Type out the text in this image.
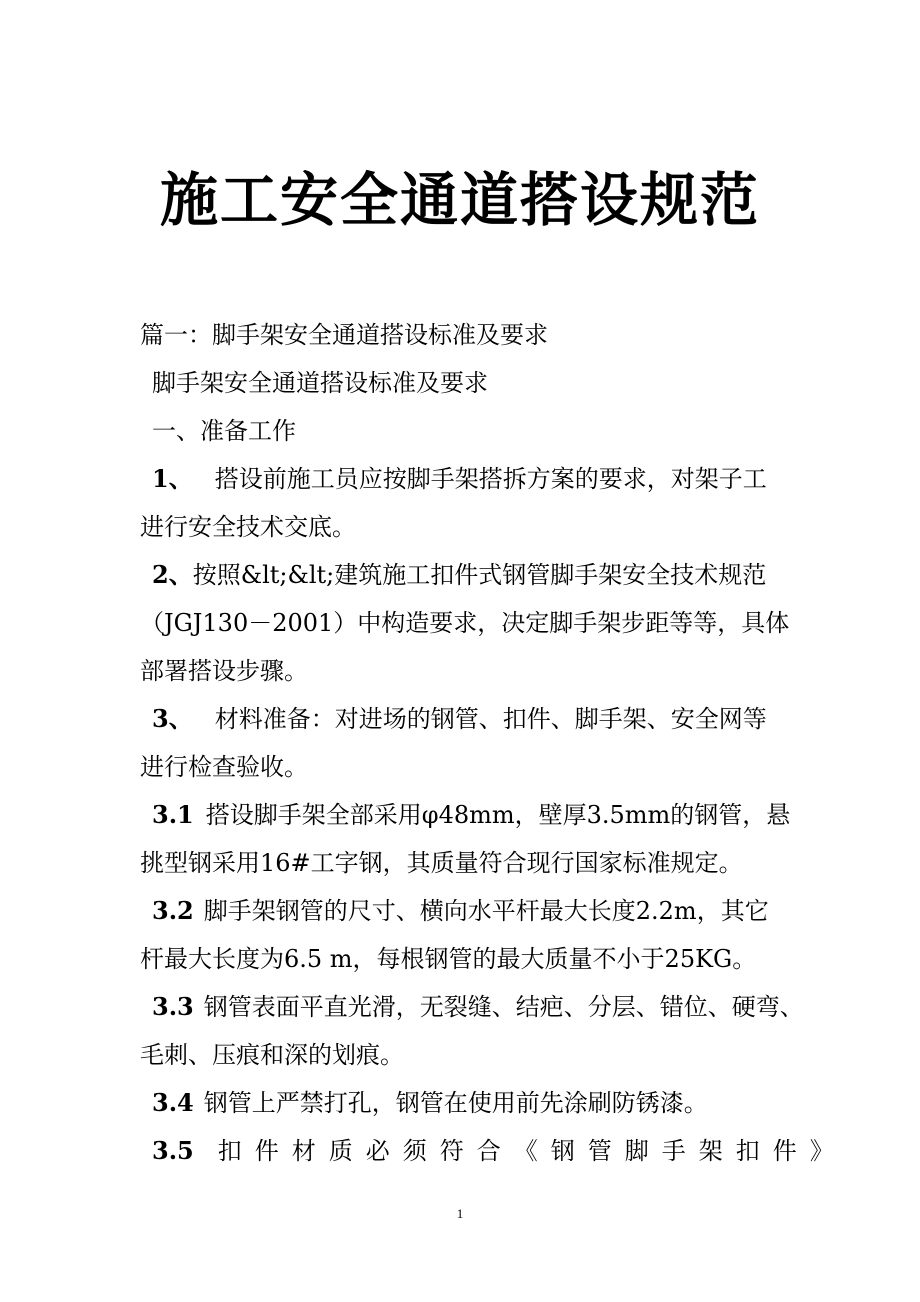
施工安全通道搭设规范
篇一：脚手架安全通道搭设标准及要求
脚手架安全通道搭设标准及要求
一、准备工作
1、 搭设前施工员应按脚手架搭拆方案的要求，对架子工
进行安全技术交底。
2、按照&lt;&lt;建筑施工扣件式钢管脚手架安全技术规范
（JGJ130－2001）中构造要求，决定脚手架步距等等，具体
部署搭设步骤。
3、 材料准备：对进场的钢管、扣件、脚手架、安全网等
进行检查验收。
3.1 搭设脚手架全部采用φ48mm，壁厚3.5mm的钢管，悬
挑型钢采用16#工字钢，其质量符合现行国家标准规定。
3.2 脚手架钢管的尺寸、横向水平杆最大长度2.2m，其它
杆最大长度为6.5 m，每根钢管的最大质量不小于25KG。
3.3 钢管表面平直光滑，无裂缝、结疤、分层、错位、硬弯、
毛刺、压痕和深的划痕。
3.4 钢管上严禁打孔，钢管在使用前先涂刷防锈漆。
3.5 扣件材质必须符合《钢管脚手架扣件》
1
